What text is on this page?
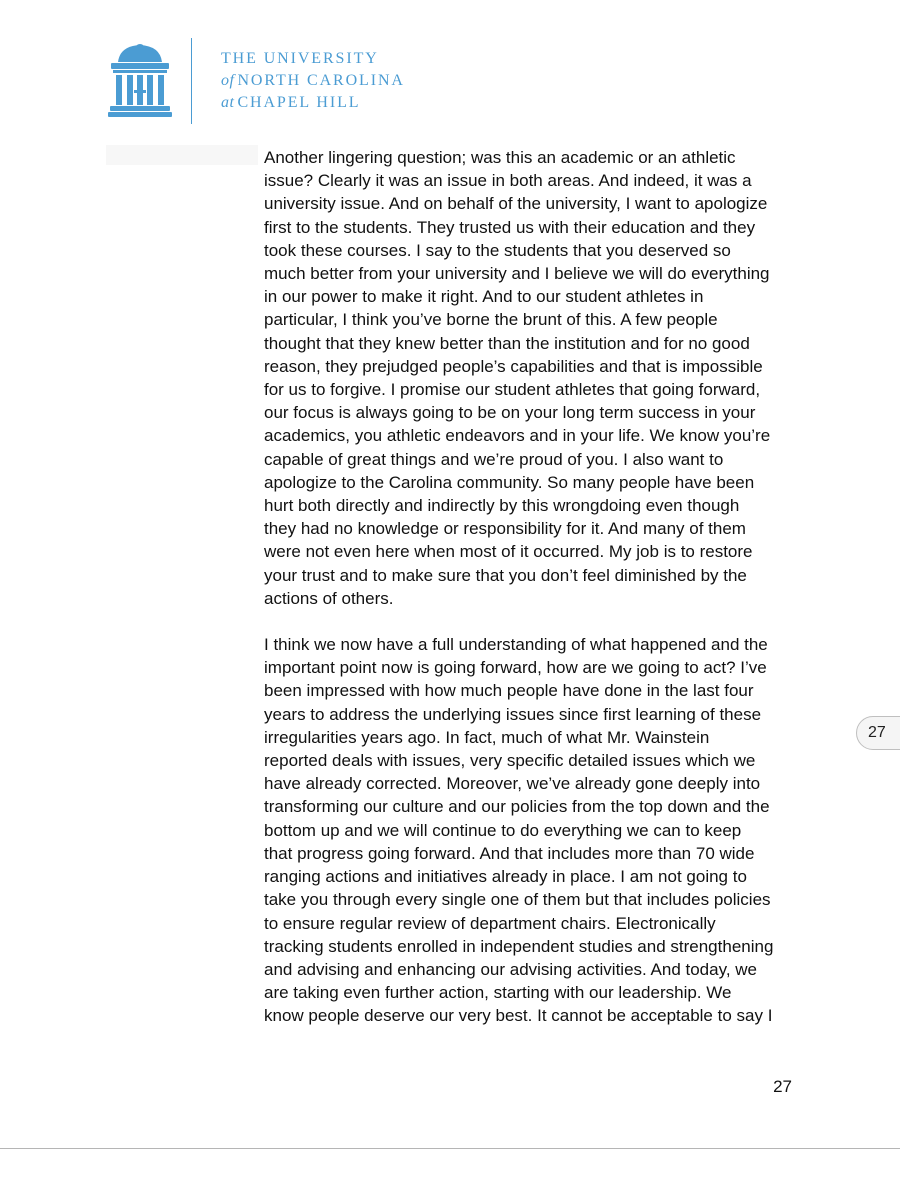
THE UNIVERSITY
of NORTH CAROLINA
at CHAPEL HILL

Another lingering question; was this an academic or an athletic
issue? Clearly it was an issue in both areas. And indeed, it was a
university issue. And on behalf of the university, I want to apologize
first to the students. They trusted us with their education and they
took these courses. I say to the students that you deserved so
much better from your university and I believe we will do everything
in our power to make it right. And to our student athletes in
particular, I think you’ve borne the brunt of this. A few people
thought that they knew better than the institution and for no good
reason, they prejudged people’s capabilities and that is impossible
for us to forgive. I promise our student athletes that going forward,
our focus is always going to be on your long term success in your
academics, you athletic endeavors and in your life. We know you’re
capable of great things and we’re proud of you. I also want to
apologize to the Carolina community. So many people have been
hurt both directly and indirectly by this wrongdoing even though
they had no knowledge or responsibility for it. And many of them
were not even here when most of it occurred. My job is to restore
your trust and to make sure that you don’t feel diminished by the
actions of others.

I think we now have a full understanding of what happened and the
important point now is going forward, how are we going to act? I’ve
been impressed with how much people have done in the last four
years to address the underlying issues since first learning of these
irregularities years ago. In fact, much of what Mr. Wainstein
reported deals with issues, very specific detailed issues which we
have already corrected. Moreover, we’ve already gone deeply into
transforming our culture and our policies from the top down and the
bottom up and we will continue to do everything we can to keep
that progress going forward. And that includes more than 70 wide
ranging actions and initiatives already in place. I am not going to
take you through every single one of them but that includes policies
to ensure regular review of department chairs. Electronically
tracking students enrolled in independent studies and strengthening
and advising and enhancing our advising activities. And today, we
are taking even further action, starting with our leadership. We
know people deserve our very best. It cannot be acceptable to say I

27
27
